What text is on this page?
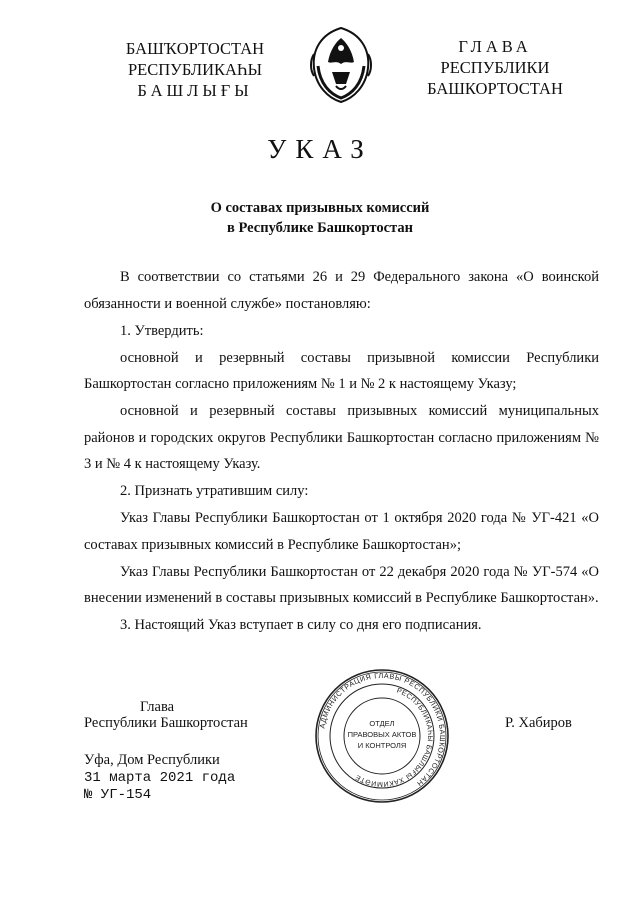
БАШҠОРТОСТАН
РЕСПУБЛИКАҺЫ
БАШЛЫҒЫ
ГЛАВА
РЕСПУБЛИКИ
БАШКОРТОСТАН
УКАЗ
О составах призывных комиссий
в Республике Башкортостан

В соответствии со статьями 26 и 29 Федерального закона «О воинской обязанности и военной службе» постановляю:

1. Утвердить:

основной и резервный составы призывной комиссии Республики Башкортостан согласно приложениям № 1 и № 2 к настоящему Указу;

основной и резервный составы призывных комиссий муниципальных районов и городских округов Республики Башкортостан согласно приложениям № 3 и № 4 к настоящему Указу.

2. Признать утратившим силу:

Указ Главы Республики Башкортостан от 1 октября 2020 года № УГ-421 «О составах призывных комиссий в Республике Башкортостан»;

Указ Главы Республики Башкортостан от 22 декабря 2020 года № УГ-574 «О внесении изменений в составы призывных комиссий в Республике Башкортостан».

3. Настоящий Указ вступает в силу со дня его подписания.

Глава
Республики Башкортостан	Р. Хабиров
Уфа, Дом Республики
31 марта 2021 года
№ УГ-154
АДМИНИСТРАЦИЯ ГЛАВЫ РЕСПУБЛИКИ БАШКОРТОСТАН
РЕСПУБЛИКАҺЫ БАШЛЫҒЫ ХАКИМИӘТЕ
ОТДЕЛ
ПРАВОВЫХ АКТОВ
И КОНТРОЛЯ
